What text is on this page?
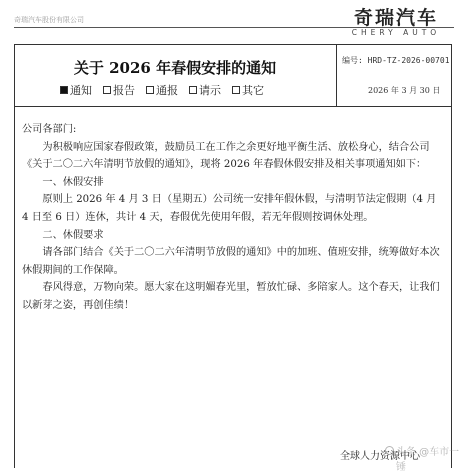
奇瑞汽车股份有限公司	奇瑞汽车
CHERY AUTO
关于 2026 年春假安排的通知
通知 报告 通报 请示 其它
编号: HRD-TZ-2026-00701
2026 年 3 月 30 日

公司各部门:

为积极响应国家春假政策，鼓励员工在工作之余更好地平衡生活、放松身心，结合公司《关于二〇二六年清明节放假的通知》，现将 2026 年春假休假安排及相关事项通知如下：

一、休假安排

原则上 2026 年 4 月 3 日（星期五）公司统一安排年假休假，与清明节法定假期（4 月 4 日至 6 日）连休，共计 4 天，春假优先使用年假，若无年假则按调休处理。

二、休假要求

请各部门结合《关于二〇二六年清明节放假的通知》中的加班、值班安排，统筹做好本次休假期间的工作保障。

春风得意，万物向荣。愿大家在这明媚春光里，暂放忙碌、多陪家人。这个春天，让我们以新芽之姿，再创佳绩！

全球人力资源中心
头条 @车市一锤
